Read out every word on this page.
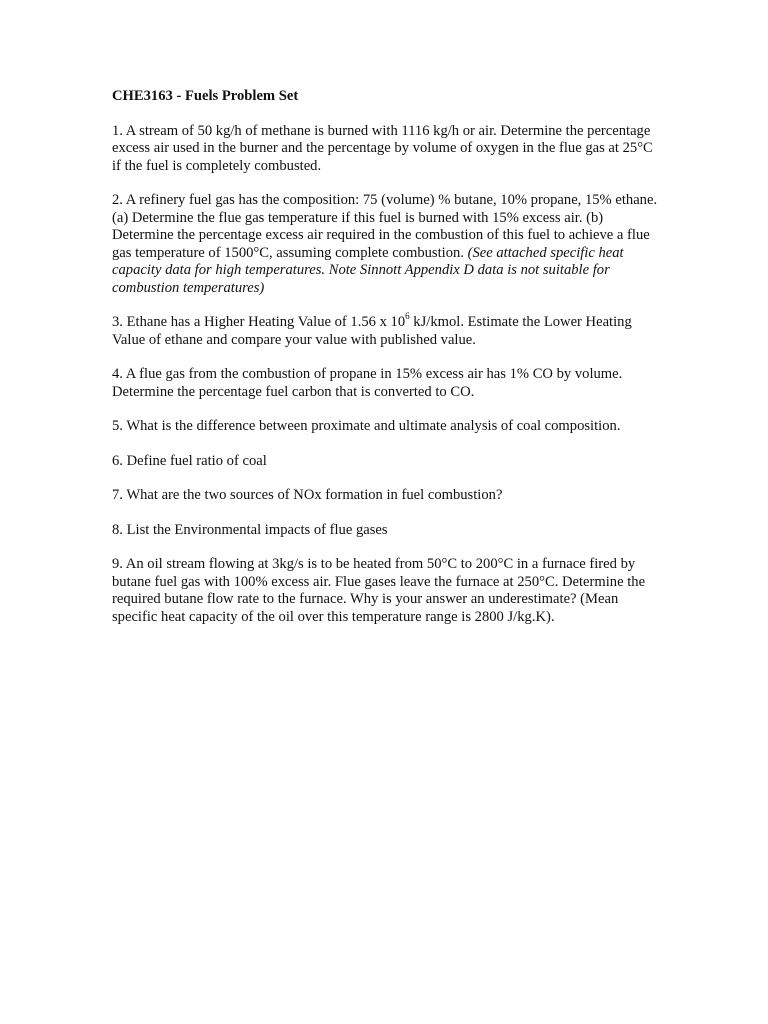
CHE3163 - Fuels Problem Set

1. A stream of 50 kg/h of methane is burned with 1116 kg/h or air. Determine the percentage excess air used in the burner and the percentage by volume of oxygen in the flue gas at 25°C if the fuel is completely combusted.

2. A refinery fuel gas has the composition: 75 (volume) % butane, 10% propane, 15% ethane. (a) Determine the flue gas temperature if this fuel is burned with 15% excess air. (b) Determine the percentage excess air required in the combustion of this fuel to achieve a flue gas temperature of 1500°C, assuming complete combustion. (See attached specific heat capacity data for high temperatures. Note Sinnott Appendix D data is not suitable for combustion temperatures)

3. Ethane has a Higher Heating Value of 1.56 x $10^6$ kJ/kmol. Estimate the Lower Heating Value of ethane and compare your value with published value.

4. A flue gas from the combustion of propane in 15% excess air has 1% CO by volume. Determine the percentage fuel carbon that is converted to CO.

5. What is the difference between proximate and ultimate analysis of coal composition.

6. Define fuel ratio of coal

7. What are the two sources of NOx formation in fuel combustion?

8. List the Environmental impacts of flue gases

9. An oil stream flowing at 3kg/s is to be heated from 50°C to 200°C in a furnace fired by butane fuel gas with 100% excess air. Flue gases leave the furnace at 250°C. Determine the required butane flow rate to the furnace. Why is your answer an underestimate? (Mean specific heat capacity of the oil over this temperature range is 2800 J/kg.K).
